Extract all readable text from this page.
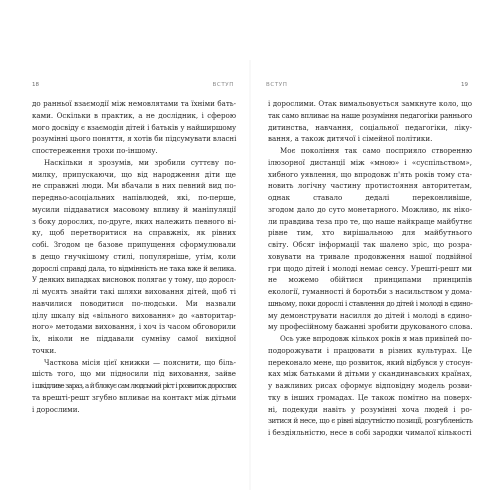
18	ВСТУП
до ранньої взаємодії між немовлятами та їхніми бать-
ками. Оскільки в практик, а не дослідник, і сферою
мого досвіду є взаємодія дітей і батьків у найширшому
розумінні цього поняття, я хотів би підсумувати власні
спостереження трохи по-іншому.
Наскільки я зрозумів, ми зробили суттєву по-
милку, припускаючи, що від народження діти ще
не справжні люди. Ми вбачали в них певний вид по-
передньо-асоціальних напівлюдей, які, по-перше,
мусили піддаватися масовому впливу й маніпуляції
з боку дорослих, по-друге, яких належить певного ві-
ку, щоб перетворитися на справжніх, як рівних
собі. Згодом це базове припущення сформулювали
в дещо гнучкішому стилі, популярніше, утім, коли
дорослі справді дала, то відмінність не така вже й велика.
У деяких випадках висновок полягає у тому, що доросл-
лі мусять знайти такі шляхи виховання дітей, щоб ті
навчилися поводитися по-людськи. Ми назвали
цілу шкалу від «вільного виховання» до «авторитар-
ного» методами виховання, і хоч із часом обговорили
їх, ніколи не піддавали сумніву самої вихідної
точки.
Часткова місія цієї книжки — пояснити, що біль-
шість того, що ми підносили під виховання, зайве
і шкідливе зараз, а й блокує сам людський ріст і розвиток дорослих
та врешті-решт згубно впливає на контакт між дітьми
і дорослими.
ВСТУП	19
і дорослими. Отак вимальовується замкнуте коло, що
так само впливає на наше розуміння педагогіки раннього
дитинства, навчання, соціальної педагогіки, ліку-
вання, а також дитячої і сімейної політики.
Моє покоління так само посприяло створенню
ілюзорної дистанції між «мною» і «суспільством»,
хибного уявлення, що впродовж п'ять років тому ста-
новить логічну частину протистояння авторитетам,
однак ставало дедалі переконливіше,
згодом дало до суто монетарного. Можливо, як ніко-
ли правдива теза про те, що наше найкраще майбутнє
рівне тим, хто вирішальною для майбутнього
світу. Обсяг інформації так шалено зріс, що розра-
ховувати на тривале продовження нашої подвійної
гри щодо дітей і молоді немає сенсу. Урешті-решт ми
не можемо обійтися принципами принципів
екології, гуманності й боротьби з насильством у дома-
шньому, поки дорослі і ставлення до дітей і молоді в єдино-
му демонструвати насилля до дітей і молоді в єдино-
му професійному бажанні зробити друкованого слова.
Ось уже впродовж кількох років я мав привілей по-
подорожувати і працювати в різних культурах. Це
переконало мене, що розвиток, який відбувся у стосун-
ках між батьками й дітьми у скандинавських країнах,
у важливих рисах сформує відповідну модель розви-
тку в інших громадах. Це також помітно на поверх-
ні, подекуди навіть у розумінні хоча людей і ро-
зитися й несе, що є рівні відсутністю позиції, розгубленість
і бездіяльністю, несе в собі зародки чималої кількості
